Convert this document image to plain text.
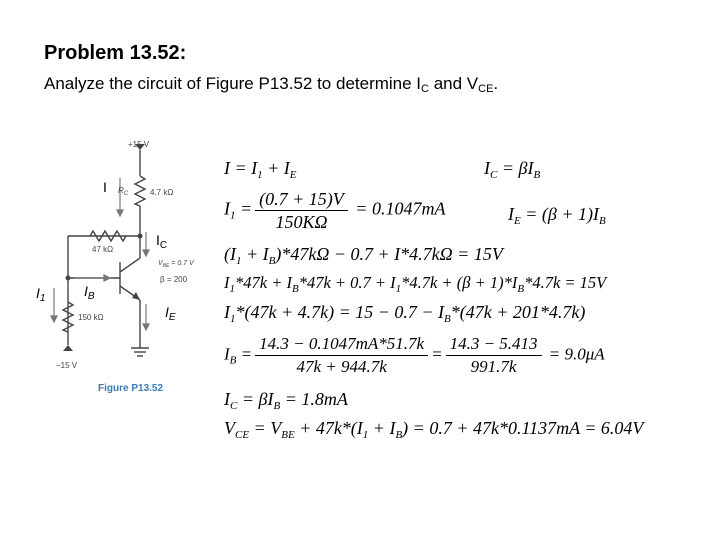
Problem 13.52:
Analyze the circuit of Figure P13.52 to determine $I_C$ and $V_{CE}$.
+15 V
−15 V
$R_C$	4.7 kΩ
47 kΩ
150 kΩ
$V_{BE} = 0.7$ V
β = 200
Figure P13.52
I
$I_C$
$I_1$	$I_B$
$I_E$
$I = I_1 + I_E$	$I_C = \beta I_B$
$I_1 = \frac{(0.7 + 15)V}{150K\Omega} = 0.1047mA$	$I_E = (\beta + 1)I_B$
$(I_1 + I_B)*47k\Omega - 0.7 + I*4.7k\Omega = 15V$
$I_1*47k + I_B*47k + 0.7 + I_1*4.7k + (\beta + 1)*I_B*4.7k = 15V$
$I_1*(47k + 4.7k) = 15 - 0.7 - I_B*(47k + 201*4.7k)$
$I_B = \frac{14.3 - 0.1047mA*51.7k}{47k + 944.7k} = \frac{14.3 - 5.413}{991.7k} = 9.0\mu A$
$I_C = \beta I_B = 1.8mA$
$V_{CE} = V_{BE} + 47k*(I_1 + I_B) = 0.7 + 47k*0.1137mA = 6.04V$
